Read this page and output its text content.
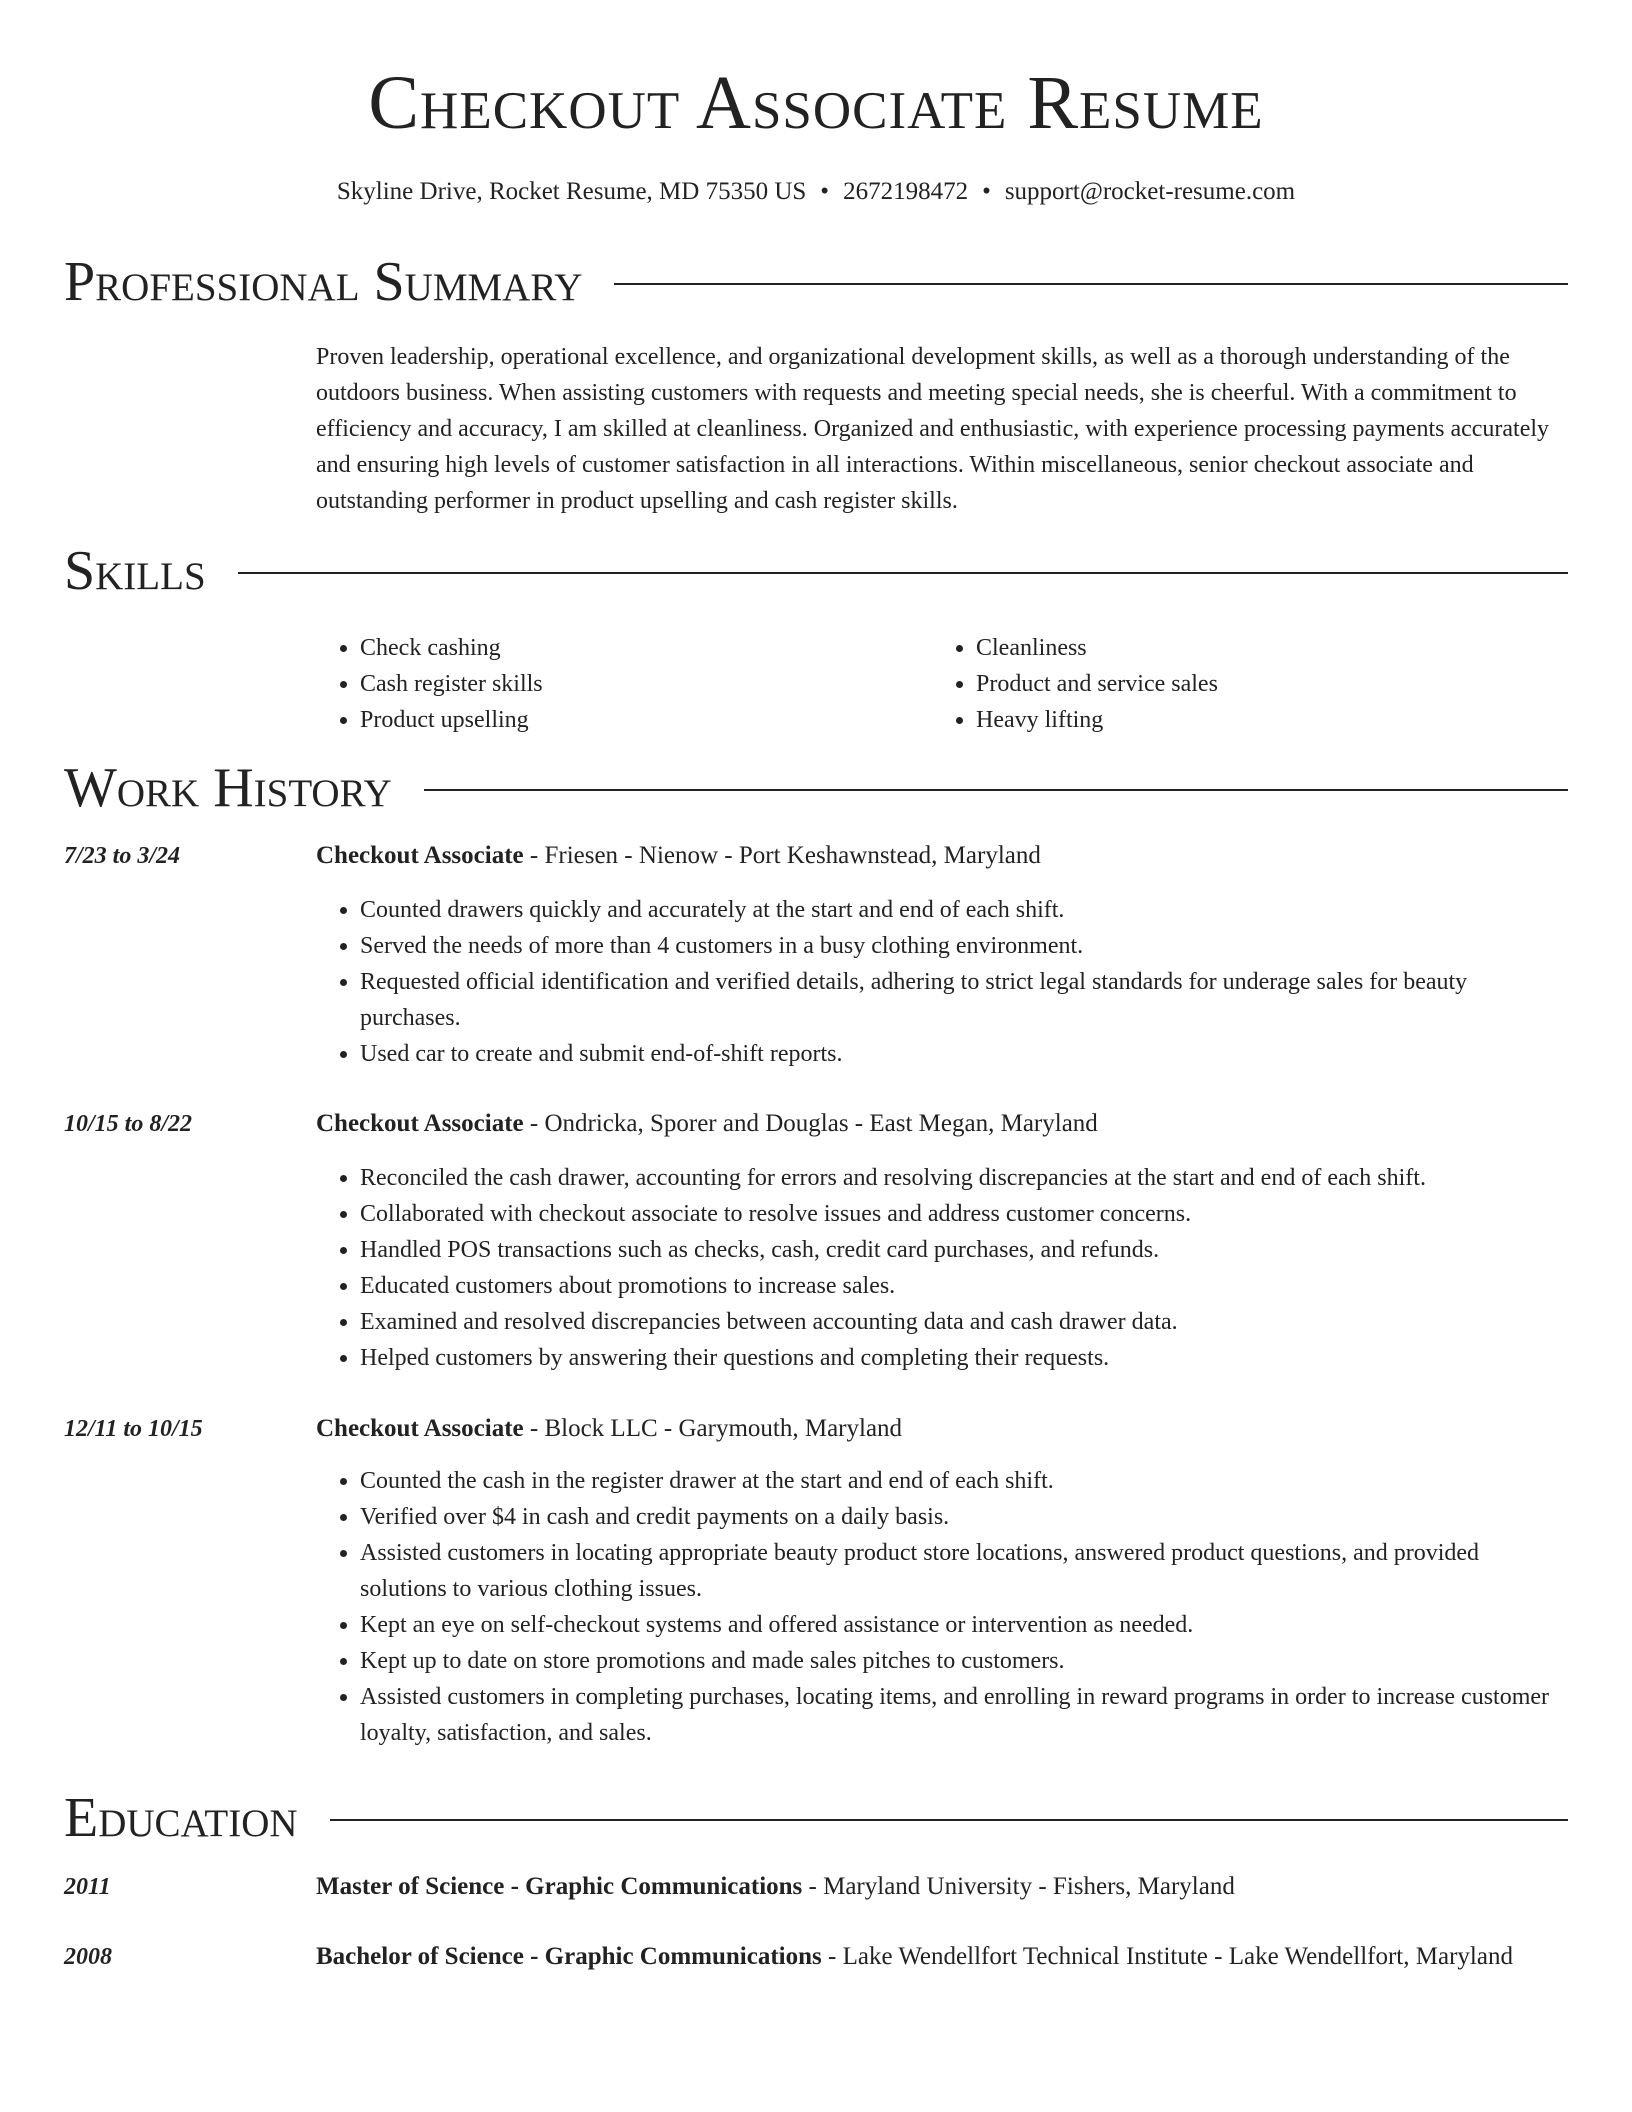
Checkout Associate Resume
Skyline Drive, Rocket Resume, MD 75350 US • 2672198472 • support@rocket-resume.com
Professional Summary

Proven leadership, operational excellence, and organizational development skills, as well as a thorough understanding of the outdoors business. When assisting customers with requests and meeting special needs, she is cheerful. With a commitment to efficiency and accuracy, I am skilled at cleanliness. Organized and enthusiastic, with experience processing payments accurately and ensuring high levels of customer satisfaction in all interactions. Within miscellaneous, senior checkout associate and outstanding performer in product upselling and cash register skills.

Skills
• Check cashing
• Cash register skills
• Product upselling
• Cleanliness
• Product and service sales
• Heavy lifting
Work History
7/23 to 3/24	Checkout Associate - Friesen - Nienow - Port Keshawnstead, Maryland
• Counted drawers quickly and accurately at the start and end of each shift.
• Served the needs of more than 4 customers in a busy clothing environment.
• Requested official identification and verified details, adhering to strict legal standards for underage sales for beauty purchases.
• Used car to create and submit end-of-shift reports.
10/15 to 8/22	Checkout Associate - Ondricka, Sporer and Douglas - East Megan, Maryland
• Reconciled the cash drawer, accounting for errors and resolving discrepancies at the start and end of each shift.
• Collaborated with checkout associate to resolve issues and address customer concerns.
• Handled POS transactions such as checks, cash, credit card purchases, and refunds.
• Educated customers about promotions to increase sales.
• Examined and resolved discrepancies between accounting data and cash drawer data.
• Helped customers by answering their questions and completing their requests.
12/11 to 10/15	Checkout Associate - Block LLC - Garymouth, Maryland
• Counted the cash in the register drawer at the start and end of each shift.
• Verified over $4 in cash and credit payments on a daily basis.
• Assisted customers in locating appropriate beauty product store locations, answered product questions, and provided solutions to various clothing issues.
• Kept an eye on self-checkout systems and offered assistance or intervention as needed.
• Kept up to date on store promotions and made sales pitches to customers.
• Assisted customers in completing purchases, locating items, and enrolling in reward programs in order to increase customer loyalty, satisfaction, and sales.
Education
2011	Master of Science - Graphic Communications - Maryland University - Fishers, Maryland
2008	Bachelor of Science - Graphic Communications - Lake Wendellfort Technical Institute - Lake Wendellfort, Maryland
